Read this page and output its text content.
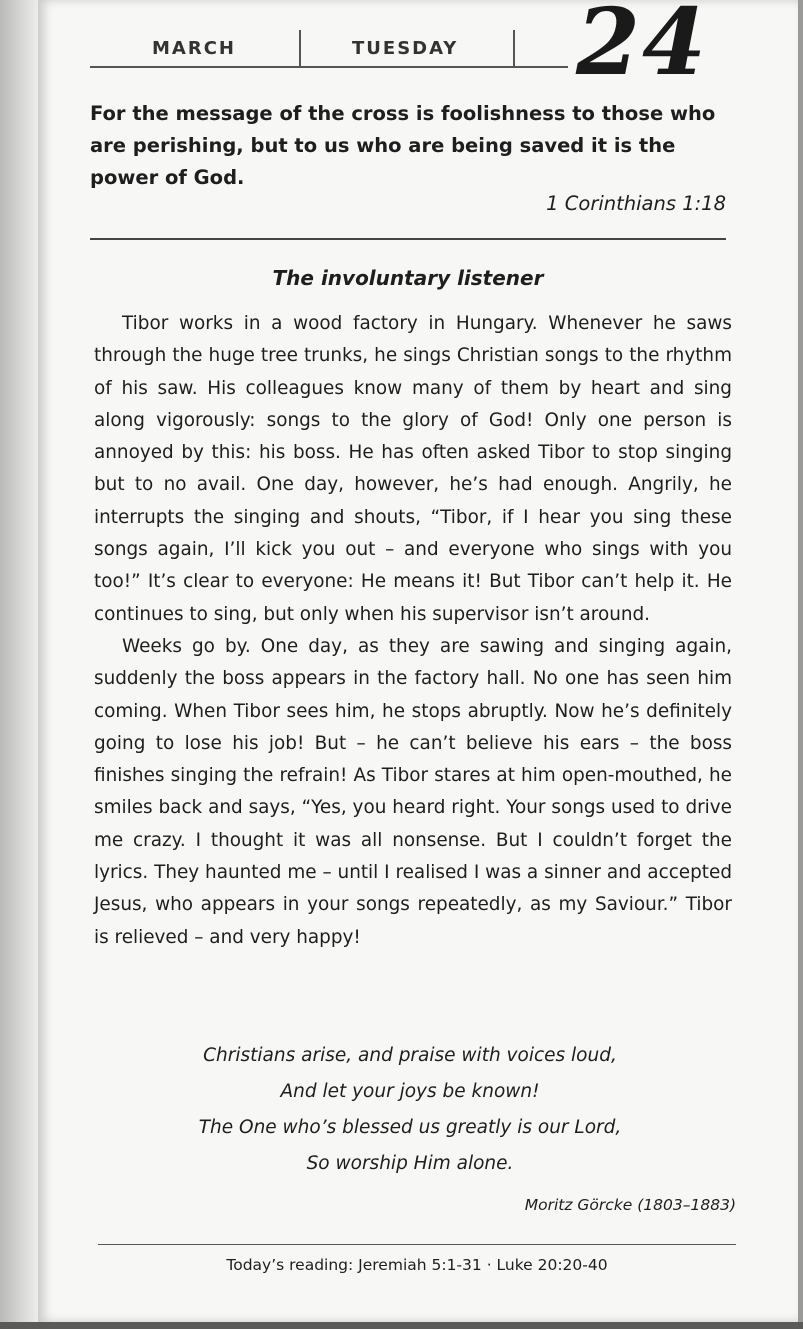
MARCH	TUESDAY 24
For the message of the cross is foolishness to those who are perishing, but to us who are being saved it is the power of God.
1 Corinthians 1:18
The involuntary listener

Tibor works in a wood factory in Hungary. Whenever he saws through the huge tree trunks, he sings Christian songs to the rhythm of his saw. His colleagues know many of them by heart and sing along vigorously: songs to the glory of God! Only one person is annoyed by this: his boss. He has often asked Tibor to stop singing but to no avail. One day, however, he’s had enough. Angrily, he interrupts the singing and shouts, “Tibor, if I hear you sing these songs again, I’ll kick you out – and everyone who sings with you too!” It’s clear to everyone: He means it! But Tibor can’t help it. He continues to sing, but only when his supervisor isn’t around.

Weeks go by. One day, as they are sawing and singing again, suddenly the boss appears in the factory hall. No one has seen him coming. When Tibor sees him, he stops abruptly. Now he’s definitely going to lose his job! But – he can’t believe his ears – the boss finishes singing the refrain! As Tibor stares at him open-mouthed, he smiles back and says, “Yes, you heard right. Your songs used to drive me crazy. I thought it was all nonsense. But I couldn’t forget the lyrics. They haunted me – until I realised I was a sinner and accepted Jesus, who appears in your songs repeatedly, as my Saviour.” Tibor is relieved – and very happy!

Christians arise, and praise with voices loud,
And let your joys be known!
The One who’s blessed us greatly is our Lord,
So worship Him alone.
Moritz Görcke (1803–1883)
Today’s reading: Jeremiah 5:1-31 · Luke 20:20-40
